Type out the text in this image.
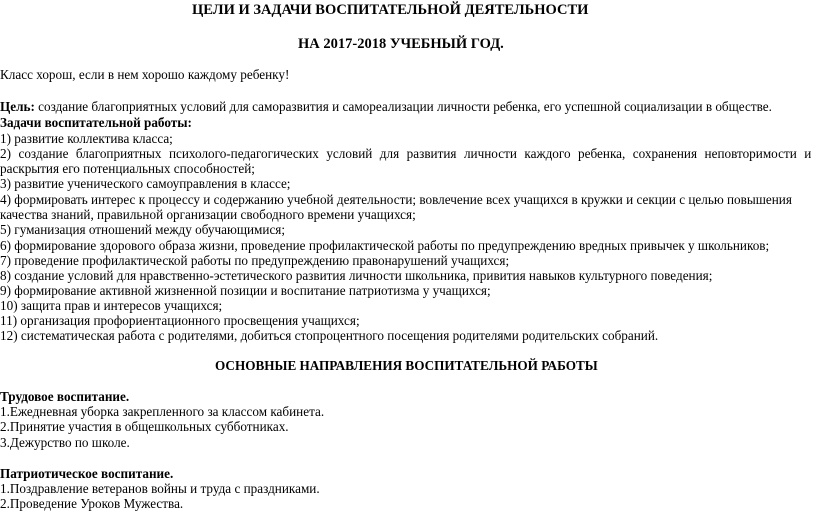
ЦЕЛИ И ЗАДАЧИ ВОСПИТАТЕЛЬНОЙ ДЕЯТЕЛЬНОСТИ
НА 2017-2018 УЧЕБНЫЙ ГОД.
Класс хорош, если в нем хорошо каждому ребенку!
Цель: создание благоприятных условий для саморазвития и самореализации личности ребенка, его успешной социализации в обществе.
Задачи воспитательной работы:
1) развитие коллектива класса;
2) создание благоприятных психолого-педагогических условий для развития личности каждого ребенка, сохранения неповторимости и
раскрытия его потенциальных способностей;
3) развитие ученического самоуправления в классе;
4) формировать интерес к процессу и содержанию учебной деятельности; вовлечение всех учащихся в кружки и секции с целью повышения
качества знаний, правильной организации свободного времени учащихся;
5) гуманизация отношений между обучающимися;
6) формирование здорового образа жизни, проведение профилактической работы по предупреждению вредных привычек у школьников;
7) проведение профилактической работы по предупреждению правонарушений учащихся;
8) создание условий для нравственно-эстетического развития личности школьника, привития навыков культурного поведения;
9) формирование активной жизненной позиции и воспитание патриотизма у учащихся;
10) защита прав и интересов учащихся;
11) организация профориентационного просвещения учащихся;
12) систематическая работа с родителями, добиться стопроцентного посещения родителями родительских собраний.
ОСНОВНЫЕ НАПРАВЛЕНИЯ ВОСПИТАТЕЛЬНОЙ РАБОТЫ
Трудовое воспитание.
1.Ежедневная уборка закрепленного за классом кабинета.
2.Принятие участия в общешкольных субботниках.
3.Дежурство по школе.
Патриотическое воспитание.
1.Поздравление ветеранов войны и труда с праздниками.
2.Проведение Уроков Мужества.
